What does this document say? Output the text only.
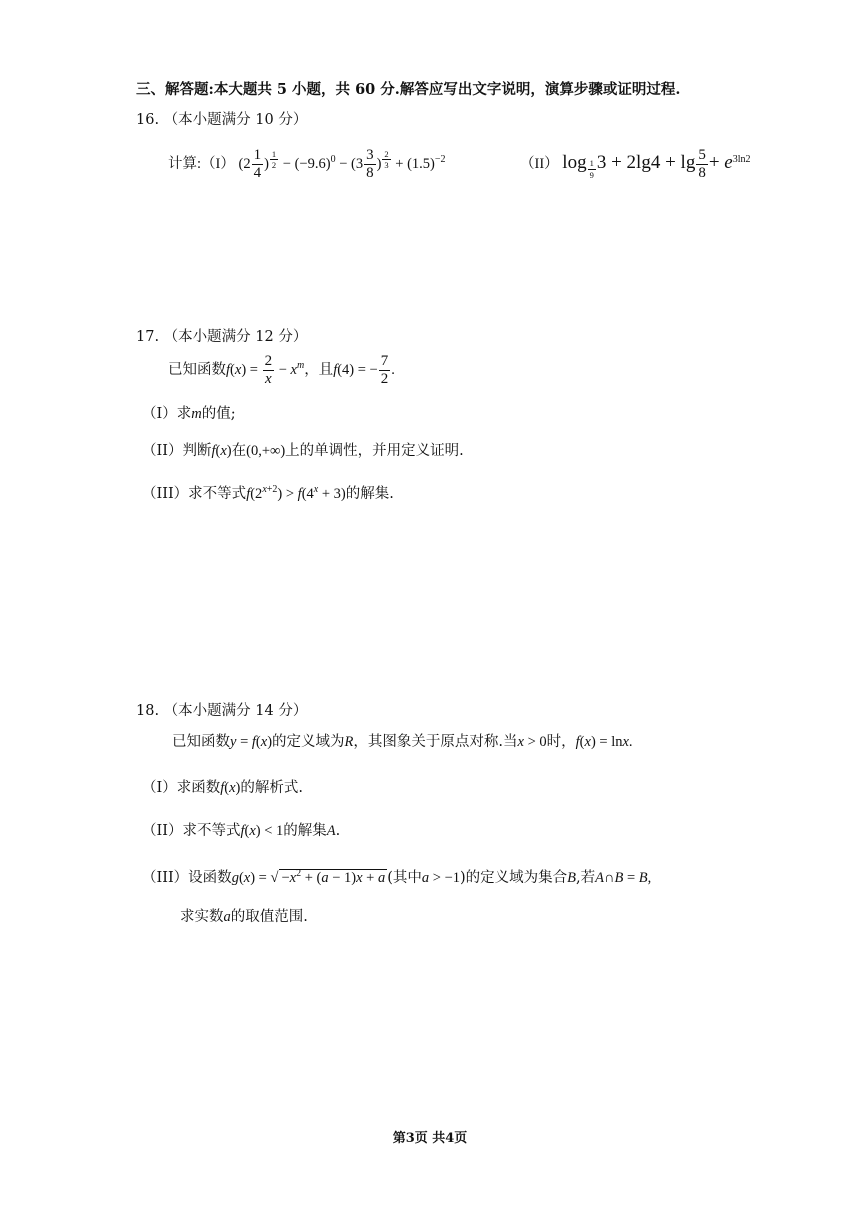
三、解答题:本大题共 5 小题，共 60 分.解答应写出文字说明，演算步骤或证明过程.
16. （本小题满分 10 分）
计算:（I） ($2 \frac{1}{4}$ ) $^{\frac{1}{2}} - (-9.6)^0 - (3 \frac{3}{8}$ ) $^{\frac{2}{3}} + (1.5)^{-2}$	（II） log $_{\frac{1}{9}}$ $3 + 2\lg 4 + \lg \frac{5}{8} + e^{3ln2}$
17. （本小题满分 12 分）
已知函数$f(x) = \frac{2}{x} - x^m$，且f(4) = − $\frac{7}{2}$ .
（I）求m的值;
（II）判断f(x)在(0,+∞)上的单调性，并用定义证明.
（III）求不等式$f(2^{x+2}) > f(4^x + 3)$的解集.
18. （本小题满分 14 分）
已知函数y = f(x)的定义域为R，其图象关于原点对称.当x > 0时，f(x) = lnx.
（I）求函数f(x)的解析式.
（II）求不等式f(x) < 1的解集A.
（III）设函数g(x) = √ $-x^2 + (a - 1)x + a$ (其中a > −1)的定义域为集合B,若A∩B = B,
求实数a的取值范围.
第3页 共4页
